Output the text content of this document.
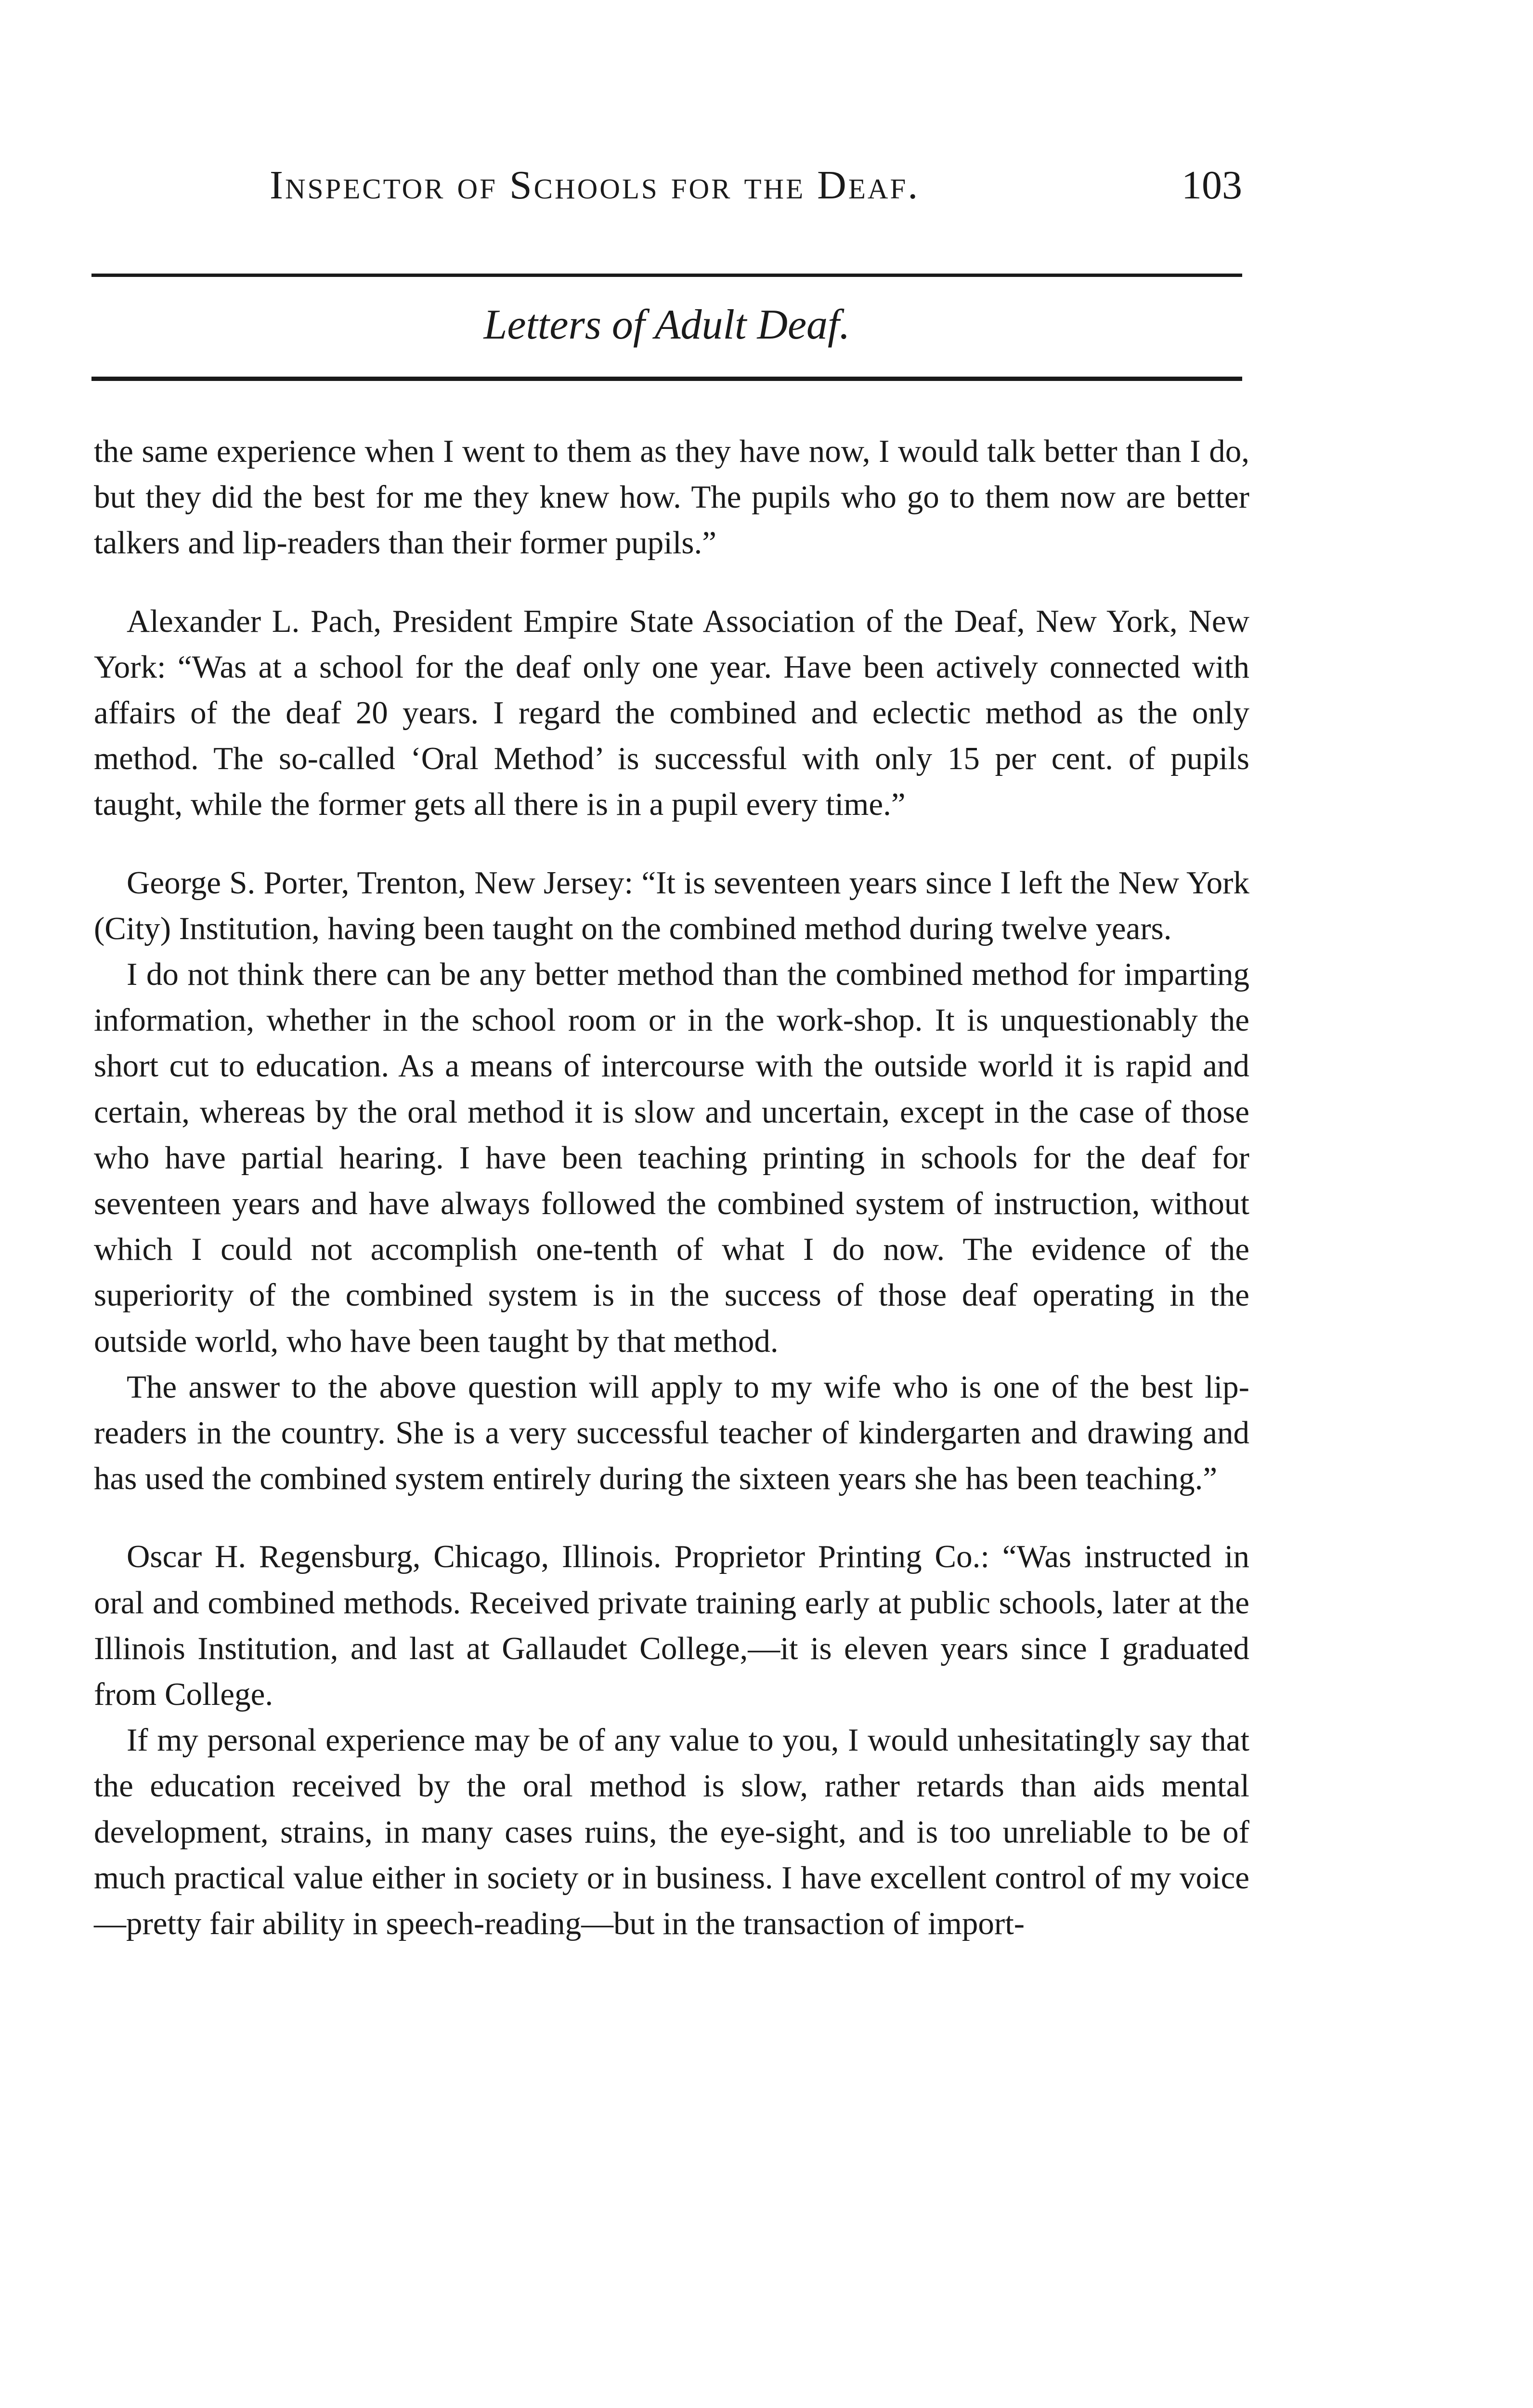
Inspector of Schools for the Deaf.	103
Letters of Adult Deaf.

the same experience when I went to them as they have now, I would talk better than I do, but they did the best for me they knew how. The pupils who go to them now are better talkers and lip-readers than their former pupils.”

Alexander L. Pach, President Empire State Association of the Deaf, New York, New York: “Was at a school for the deaf only one year. Have been actively connected with affairs of the deaf 20 years. I regard the combined and eclectic method as the only method. The so-called ‘Oral Method’ is successful with only 15 per cent. of pupils taught, while the former gets all there is in a pupil every time.”

George S. Porter, Trenton, New Jersey: “It is seventeen years since I left the New York (City) Institution, having been taught on the combined method during twelve years.

I do not think there can be any better method than the combined method for imparting information, whether in the school room or in the work-shop. It is unquestionably the short cut to education. As a means of intercourse with the outside world it is rapid and certain, whereas by the oral method it is slow and uncertain, except in the case of those who have partial hearing. I have been teaching printing in schools for the deaf for seventeen years and have always followed the combined system of instruction, without which I could not accomplish one-tenth of what I do now. The evidence of the superiority of the combined system is in the success of those deaf operating in the outside world, who have been taught by that method.

The answer to the above question will apply to my wife who is one of the best lip-readers in the country. She is a very successful teacher of kindergarten and drawing and has used the combined system entirely during the sixteen years she has been teaching.”

Oscar H. Regensburg, Chicago, Illinois. Proprietor Printing Co.: “Was instructed in oral and combined methods. Received private training early at public schools, later at the Illinois Institution, and last at Gallaudet College,—it is eleven years since I graduated from College.

If my personal experience may be of any value to you, I would unhesitatingly say that the education received by the oral method is slow, rather retards than aids mental development, strains, in many cases ruins, the eye-sight, and is too unreliable to be of much practical value either in society or in business. I have excellent control of my voice—pretty fair ability in speech-reading—but in the transaction of import-
